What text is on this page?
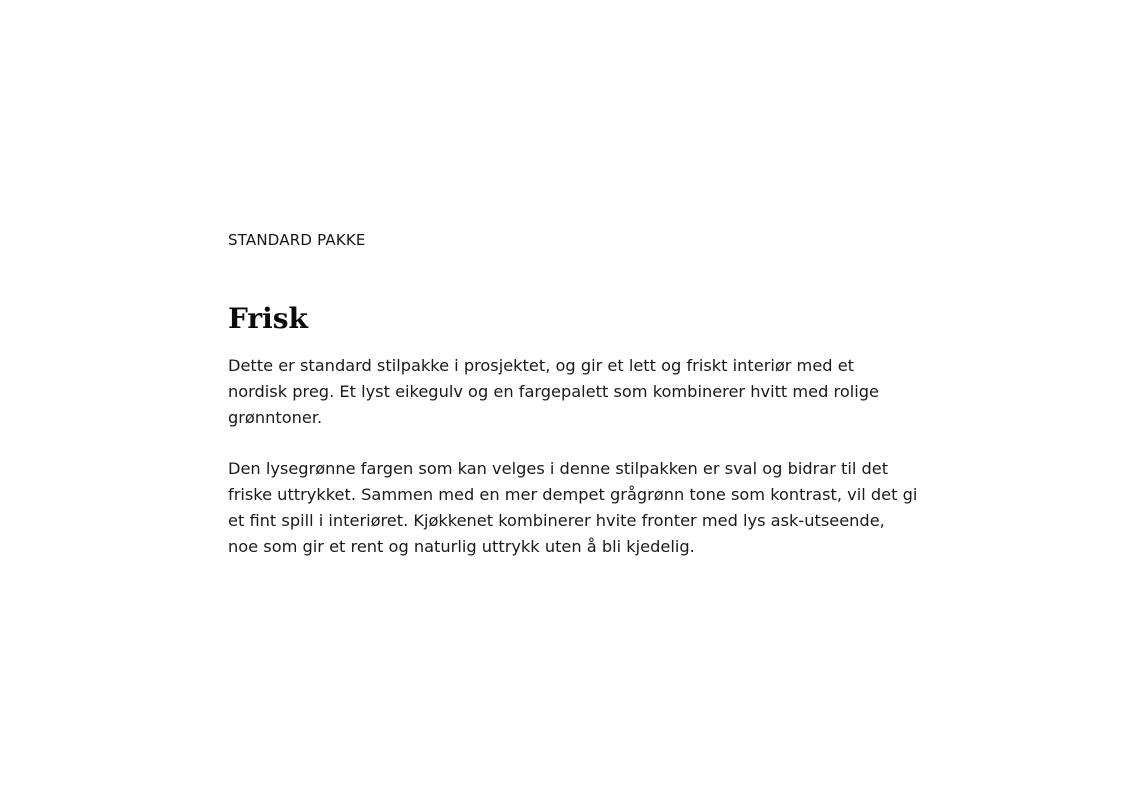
STANDARD PAKKE

Frisk

Dette er standard stilpakke i prosjektet, og gir et lett og friskt interiør med et nordisk preg. Et lyst eikegulv og en fargepalett som kombinerer hvitt med rolige grønntoner.

Den lysegrønne fargen som kan velges i denne stilpakken er sval og bidrar til det friske uttrykket. Sammen med en mer dempet grågrønn tone som kontrast, vil det gi et fint spill i interiøret. Kjøkkenet kombinerer hvite fronter med lys ask-utseende, noe som gir et rent og naturlig uttrykk uten å bli kjedelig.
